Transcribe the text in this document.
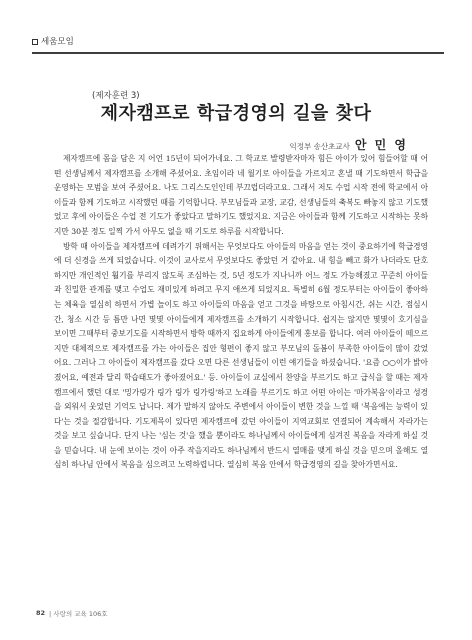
세움모임
(제자훈련 3)
제자캠프로 학급경영의 길을 찾다
익정부 송산초교사 안 민 영

제자캠프에 몸을 담은 지 어언 15년이 되어가네요. 그 학교로 발령받자마자 힘든 아이가 있어 힘들어할 때 어떤 선생님께서 제자캠프를 소개해 주셨어요. 초임이라 네 월기로 아이들을 가르치고 혼낼 때 기도하면서 학급을 운영하는 모범을 보여 주셨어요. 나도 그리스도인인데 부끄럽더라고요. 그래서 저도 수업 시작 전에 학교에서 아이들과 함께 기도하고 시작했던 때를 기억합니다. 부모님들과 교장, 교감, 선생님들의 축복도 빠놓지 않고 기도했었고 후에 아이들은 수업 전 기도가 좋았다고 말하기도 했었지요. 지금은 아이들과 함께 기도하고 시작하는 못하지만 30분 정도 일찍 가서 아무도 없을 때 기도로 하루를 시작합니다.

방학 때 아이들을 제자캠프에 데려가기 위해서는 무엇보다도 아이들의 마음을 얻는 것이 중요하기에 학급경영에 더 신경을 쓰게 되었습니다. 이것이 교사로서 무엇보다도 좋았던 거 같아요. 내 힘을 빼고 화가 나더라도 단호하지만 개인적인 훨기를 부리지 않도록 조심하는 것, 5년 정도가 지나니까 어느 정도 가능해졌고 꾸준히 아이들과 친밀한 관계를 맺고 수업도 재미있게 하려고 무지 애쓰게 되었지요. 특별히 6월 정도부터는 아이들이 좋아하는 체육을 열심히 하면서 가볍 놀이도 하고 아이들의 마음을 얻고 그것을 바탕으로 아침시간, 쉬는 시간, 점심시간, 청소 시간 등 틈만 나면 몇몇 아이들에게 제자캠프를 소개하기 시작합니다. 쉽지는 않지만 몇몇이 호기심을 보이면 그때부터 중보기도를 시작하면서 방학 때까지 집요하게 아이들에게 홍보를 합니다. 여러 아이들이 떼으르지만 대체적으로 제자캠프를 가는 아이들은 집안 형편이 좋지 않고 부모님의 돌봄이 부족한 아이들이 많이 갔었어요. 그러나 그 아이들이 제자캠프를 갔다 오면 다른 선생님들이 이런 얘기들을 하셨습니다. '요즘 ○○이가 밝아졌어요, 예전과 달리 학습태도가 좋아졌어요.' 등. 아이들이 교실에서 찬양을 부르기도 하고 급식을 할 때는 제자캠프에서 했던 대로 '밍가링가 링가 링가 링가링'하고 노래를 부르기도 하고 어떤 아이는 '마가복음'이라고 성경을 외워서 웃었던 기억도 납니다. 제가 말하지 않아도 주변에서 아이들이 변한 것을 느낄 때 '복음에는 능력이 있다'는 것을 절감합니다. 기도제목이 있다면 제자캠프에 갔던 아이들이 지역교회로 연결되어 계속해서 자라가는 것을 보고 싶습니다. 단지 나는 '심는 것'을 했을 뿐이라도 하나님께서 아이들에게 심겨진 복음을 자라게 하실 것을 믿습니다. 내 눈에 보이는 것이 아주 작을지라도 하나님께서 반드시 열매를 맺게 하실 것을 믿으며 올해도 열심히 하나님 안에서 복음을 심으려고 노력하렵니다. 열심히 복음 안에서 학급경영의 길을 찾아가면서요.

82 | 사랑의 교육 106호
